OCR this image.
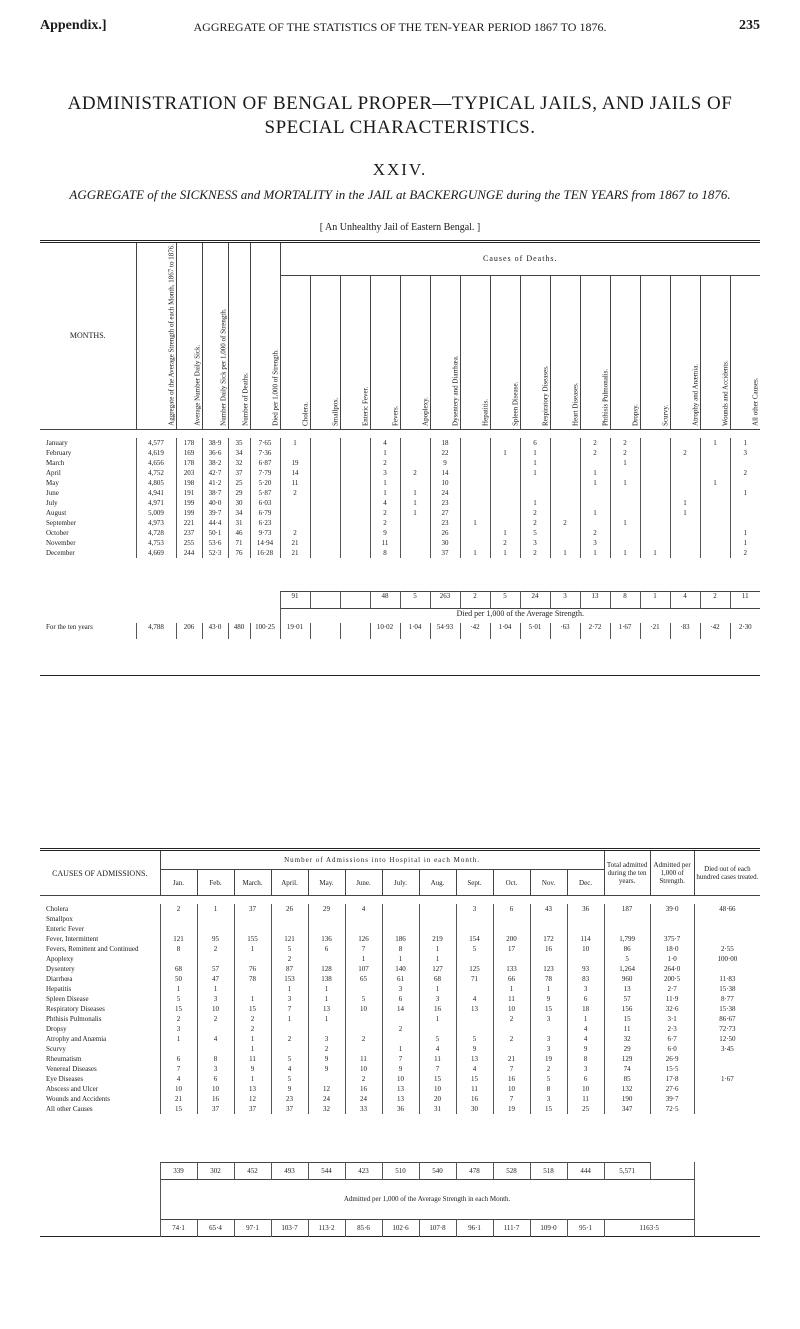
Appendix.]	AGGREGATE OF THE STATISTICS OF THE TEN-YEAR PERIOD 1867 TO 1876.	235
ADMINISTRATION OF BENGAL PROPER—TYPICAL JAILS, AND JAILS OF SPECIAL CHARACTERISTICS.
XXIV.
AGGREGATE of the SICKNESS and MORTALITY in the JAIL at BACKERGUNGE during the TEN YEARS from 1867 to 1876.
[ An Unhealthy Jail of Eastern Bengal. ]
MONTHS.	Aggregate of the Average Strength of each Month, 1867 to 1876.	Average Number Daily Sick.	Number Daily Sick per 1,000 of Strength.	Number of Deaths.	Died per 1,000 of Strength.	Causes of Deaths.															
						Cholera.	Smallpox.	Enteric Fever.	Fevers.	Apoplexy.	Dysentery and Diarrhœa.	Hepatitis.	Spleen Disease.	Respiratory Diseases.	Heart Diseases.	Phthisis Pulmonalis.	Dropsy.	Scurvy.	Atrophy and Anæmia.	Wounds and Accidents.	All other Causes.

January	4,577	178	38·9	35	7·65	1			4		18			6		2	2			1	1
February	4,619	169	36·6	34	7·36				1		22		1	1		2	2		2		3
March	4,656	178	38·2	32	6·87	19			2		9			1			1				
April	4,752	203	42·7	37	7·79	14			3	2	14			1		1					2
May	4,805	198	41·2	25	5·20	11			1		10					1	1			1	
June	4,941	191	38·7	29	5·87	2			1	1	24										1
July	4,971	199	40·0	30	6·03				4	1	23			1					1		
August	5,009	199	39·7	34	6·79				2	1	27			2		1			1		
September	4,973	221	44·4	31	6·23				2		23	1		2	2		1				
October	4,728	237	50·1	46	9·73	2			9		26		1	5		2					1
November	4,753	255	53·6	71	14·94	21			11		30		2	3		3					1
December	4,669	244	52·3	76	16·28	21			8		37	1	1	2	1	1	1	1			2

						91			48	5	263	2	5	24	3	13	8	1	4	2	11
						Died per 1,000 of the Average Strength.															
For the ten years	4,788	206	43·0	480	100·25	19·01			10·02	1·04	54·93	·42	1·04	5·01	·63	2·72	1·67	·21	·83	·42	2·30

CAUSES OF ADMISSIONS.	Number of Admissions into Hospital in each Month.												Total admitted during the ten years.	Admitted per 1,000 of Strength.	Died out of each hundred cases treated.
	Jan.	Feb.	March.	April.	May.	June.	July.	Aug.	Sept.	Oct.	Nov.	Dec.			

Cholera	2	1	37	26	29	4			3	6	43	36	187	39·0	48·66
Smallpox															
Enteric Fever															
Fever, Intermittent	121	95	155	121	136	126	186	219	154	200	172	114	1,799	375·7	
Fevers, Remittent and Continued	8	2	1	5	6	7	8	1	5	17	16	10	86	18·0	2·55
Apoplexy				2		1	1	1					5	1·0	100·00
Dysentery	68	57	76	87	128	107	140	127	125	133	123	93	1,264	264·0	
Diarrhœa	50	47	78	153	138	65	61	68	71	66	78	83	960	200·5	11·83
Hepatitis	1	1		1	1		3	1		1	1	3	13	2·7	15·38
Spleen Disease	5	3	1	3	1	5	6	3	4	11	9	6	57	11·9	8·77
Respiratory Diseases	15	10	15	7	13	10	14	16	13	10	15	18	156	32·6	15·38
Phthisis Pulmonalis	2	2	2	1	1			1		2	3	1	15	3·1	86·67
Dropsy	3		2				2					4	11	2·3	72·73
Atrophy and Anæmia	1	4	1	2	3	2		5	5	2	3	4	32	6·7	12·50
Scurvy			1		2		1	4	9		3	9	29	6·0	3·45
Rheumatism	6	8	11	5	9	11	7	11	13	21	19	8	129	26·9	
Venereal Diseases	7	3	9	4	9	10	9	7	4	7	2	3	74	15·5	
Eye Diseases	4	6	1	5		2	10	15	15	16	5	6	85	17·8	1·67
Abscess and Ulcer	10	10	13	9	12	16	13	10	11	10	8	10	132	27·6	
Wounds and Accidents	21	16	12	23	24	24	13	20	16	7	3	11	190	39·7	
All other Causes	15	37	37	37	32	33	36	31	30	19	15	25	347	72·5	

	339	302	452	493	544	423	510	540	478	528	518	444	5,571		
	Admitted per 1,000 of the Average Strength in each Month.														
	74·1	65·4	97·1	103·7	113·2	85·6	102·6	107·8	96·1	111·7	109·0	95·1	1163·5		
